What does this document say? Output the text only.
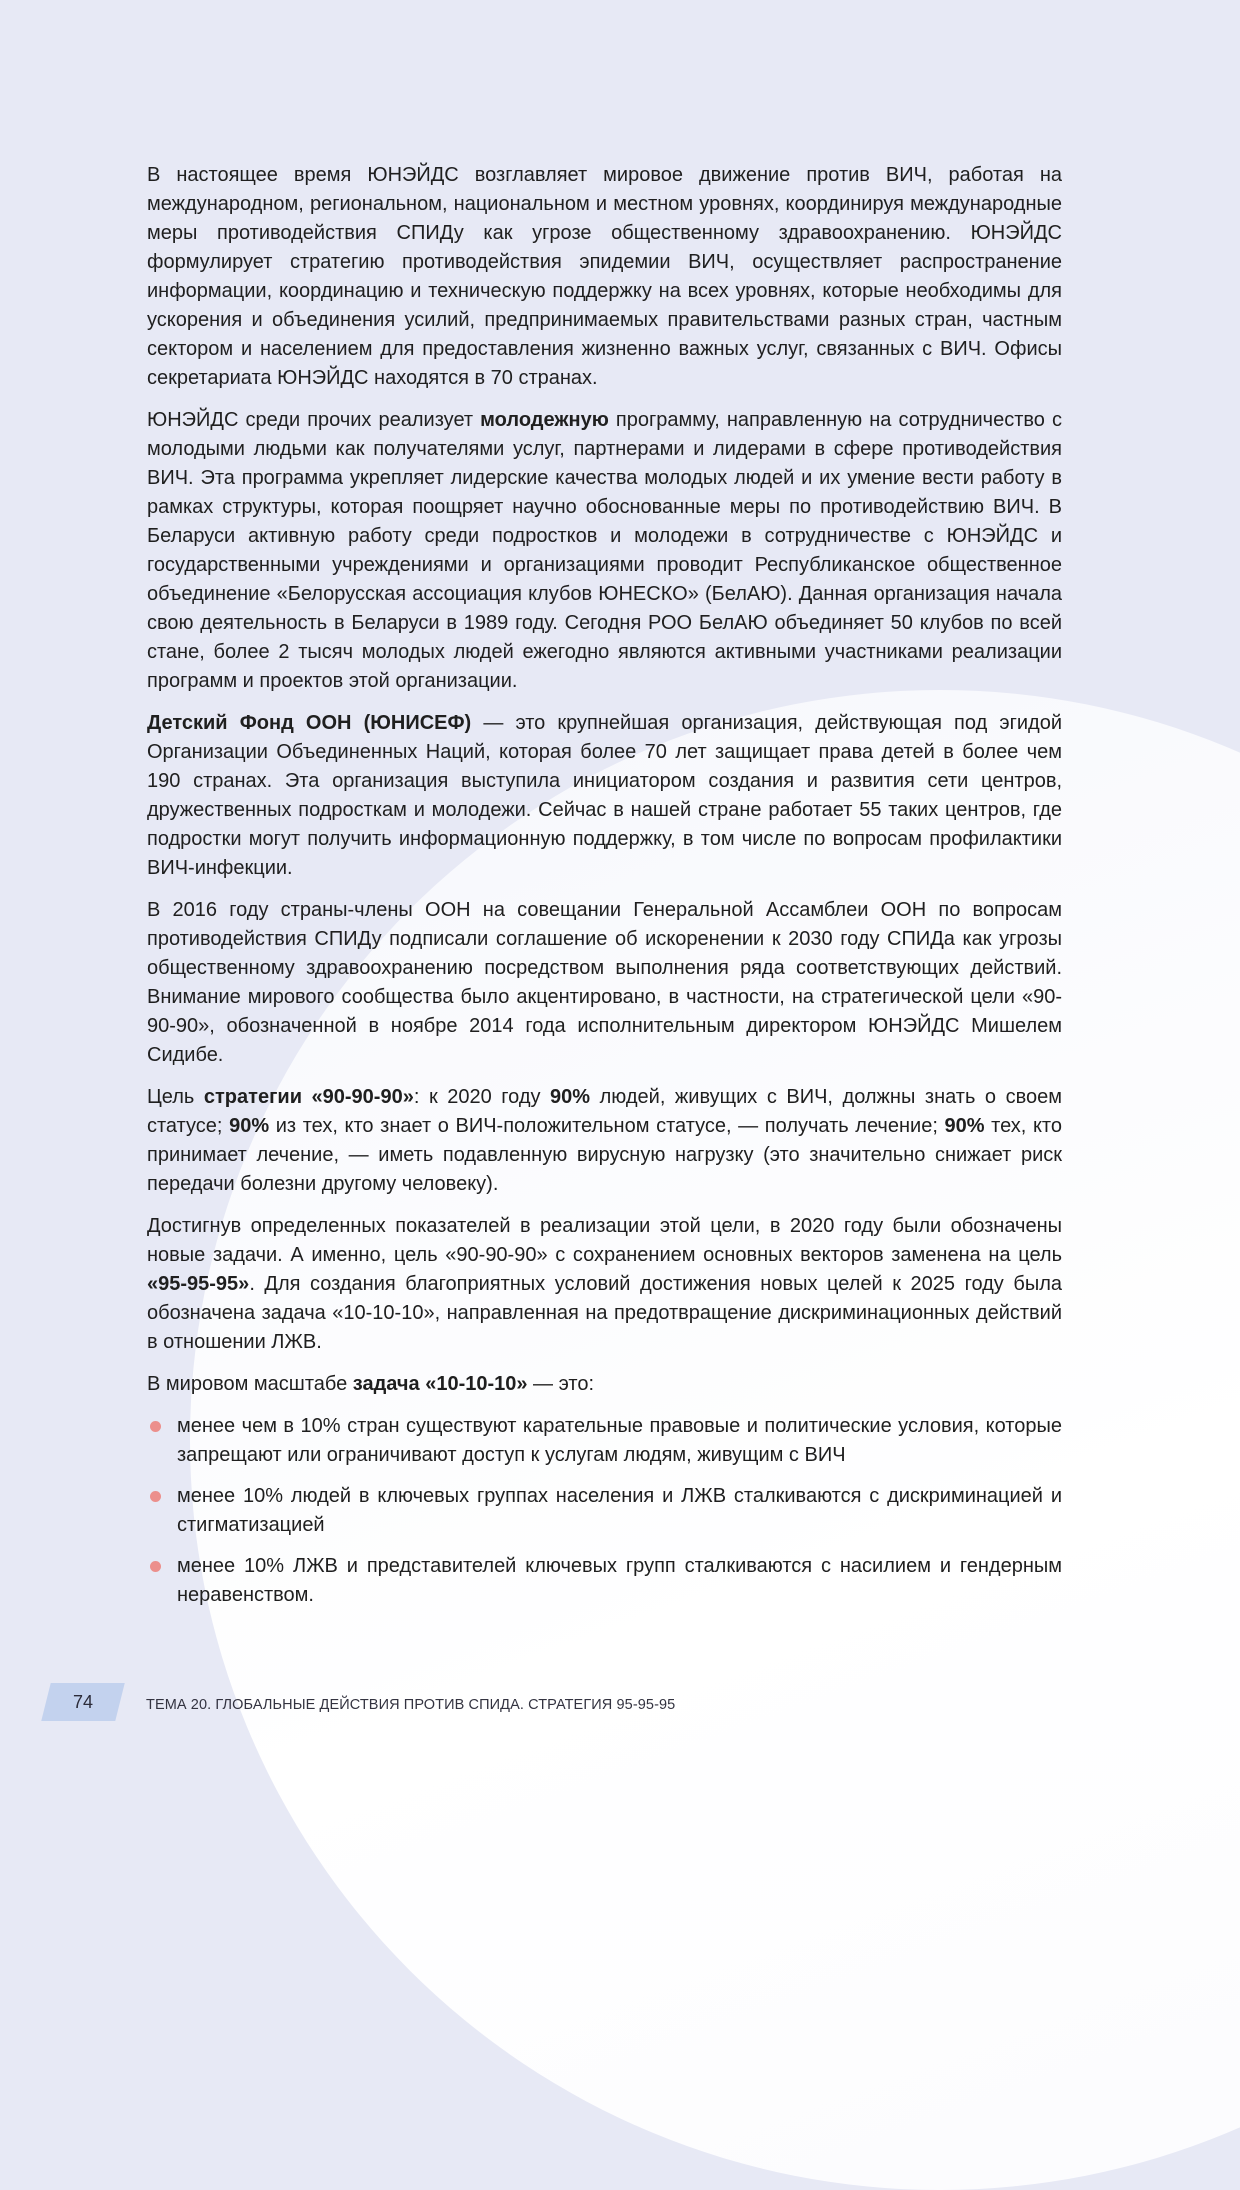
В настоящее время ЮНЭЙДС возглавляет мировое движение против ВИЧ, работая на международном, региональном, национальном и местном уровнях, координируя международные меры противодействия СПИДу как угрозе общественному здравоохранению. ЮНЭЙДС формулирует стратегию противодействия эпидемии ВИЧ, осуществляет распространение информации, координацию и техническую поддержку на всех уровнях, которые необходимы для ускорения и объединения усилий, предпринимаемых правительствами разных стран, частным сектором и населением для предоставления жизненно важных услуг, связанных с ВИЧ. Офисы секретариата ЮНЭЙДС находятся в 70 странах.

ЮНЭЙДС среди прочих реализует молодежную программу, направленную на сотрудничество с молодыми людьми как получателями услуг, партнерами и лидерами в сфере противодействия ВИЧ. Эта программа укрепляет лидерские качества молодых людей и их умение вести работу в рамках структуры, которая поощряет научно обоснованные меры по противодействию ВИЧ. В Беларуси активную работу среди подростков и молодежи в сотрудничестве с ЮНЭЙДС и государственными учреждениями и организациями проводит Республиканское общественное объединение «Белорусская ассоциация клубов ЮНЕСКО» (БелАЮ). Данная организация начала свою деятельность в Беларуси в 1989 году. Сегодня РОО БелАЮ объединяет 50 клубов по всей стане, более 2 тысяч молодых людей ежегодно являются активными участниками реализации программ и проектов этой организации.

Детский Фонд ООН (ЮНИСЕФ) — это крупнейшая организация, действующая под эгидой Организации Объединенных Наций, которая более 70 лет защищает права детей в более чем 190 странах. Эта организация выступила инициатором создания и развития сети центров, дружественных подросткам и молодежи. Сейчас в нашей стране работает 55 таких центров, где подростки могут получить информационную поддержку, в том числе по вопросам профилактики ВИЧ-инфекции.

В 2016 году страны-члены ООН на совещании Генеральной Ассамблеи ООН по вопросам противодействия СПИДу подписали соглашение об искоренении к 2030 году СПИДа как угрозы общественному здравоохранению посредством выполнения ряда соответствующих действий. Внимание мирового сообщества было акцентировано, в частности, на стратегической цели «90-90-90», обозначенной в ноябре 2014 года исполнительным директором ЮНЭЙДС Мишелем Сидибе.

Цель стратегии «90-90-90»: к 2020 году 90% людей, живущих с ВИЧ, должны знать о своем статусе; 90% из тех, кто знает о ВИЧ-положительном статусе, — получать лечение; 90% тех, кто принимает лечение, — иметь подавленную вирусную нагрузку (это значительно снижает риск передачи болезни другому человеку).

Достигнув определенных показателей в реализации этой цели, в 2020 году были обозначены новые задачи. А именно, цель «90-90-90» с сохранением основных векторов заменена на цель «95-95-95». Для создания благоприятных условий достижения новых целей к 2025 году была обозначена задача «10-10-10», направленная на предотвращение дискриминационных действий в отношении ЛЖВ.

В мировом масштабе задача «10-10-10» — это:

менее чем в 10% стран существуют карательные правовые и политические условия, которые запрещают или ограничивают доступ к услугам людям, живущим с ВИЧ
менее 10% людей в ключевых группах населения и ЛЖВ сталкиваются с дискриминацией и стигматизацией
менее 10% ЛЖВ и представителей ключевых групп сталкиваются с насилием и гендерным неравенством.
74	ТЕМА 20. ГЛОБАЛЬНЫЕ ДЕЙСТВИЯ ПРОТИВ СПИДА. СТРАТЕГИЯ 95-95-95
